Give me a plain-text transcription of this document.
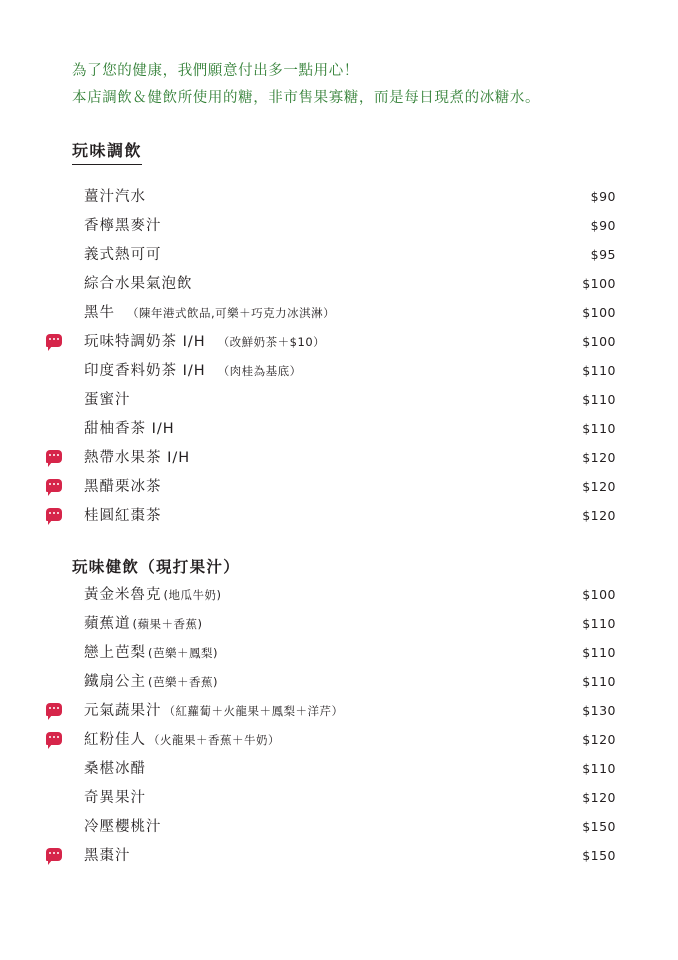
為了您的健康，我們願意付出多一點用心！
本店調飲＆健飲所使用的糖，非市售果寡糖，而是每日現煮的冰糖水。
玩味調飲
薑汁汽水	$90
香檸黑麥汁	$90
義式熱可可	$95
綜合水果氣泡飲	$100
黑牛 （陳年港式飲品,可樂＋巧克力冰淇淋）	$100
玩味特調奶茶 I/H （改鮮奶茶＋$10）	$100
印度香料奶茶 I/H （肉桂為基底）	$110
蛋蜜汁	$110
甜柚香茶 I/H	$110
熱帶水果茶 I/H	$120
黑醋栗冰茶	$120
桂圓紅棗茶	$120
玩味健飲（現打果汁）
黃金米魯克 (地瓜牛奶)	$100
蘋蕉道 (蘋果＋香蕉)	$110
戀上芭梨 (芭樂＋鳳梨)	$110
鐵扇公主 (芭樂＋香蕉)	$110
元氣蔬果汁 （紅蘿蔔＋火龍果＋鳳梨＋洋芹）	$130
紅粉佳人 （火龍果＋香蕉＋牛奶）	$120
桑椹冰醋	$110
奇異果汁	$120
冷壓櫻桃汁	$150
黑棗汁	$150
